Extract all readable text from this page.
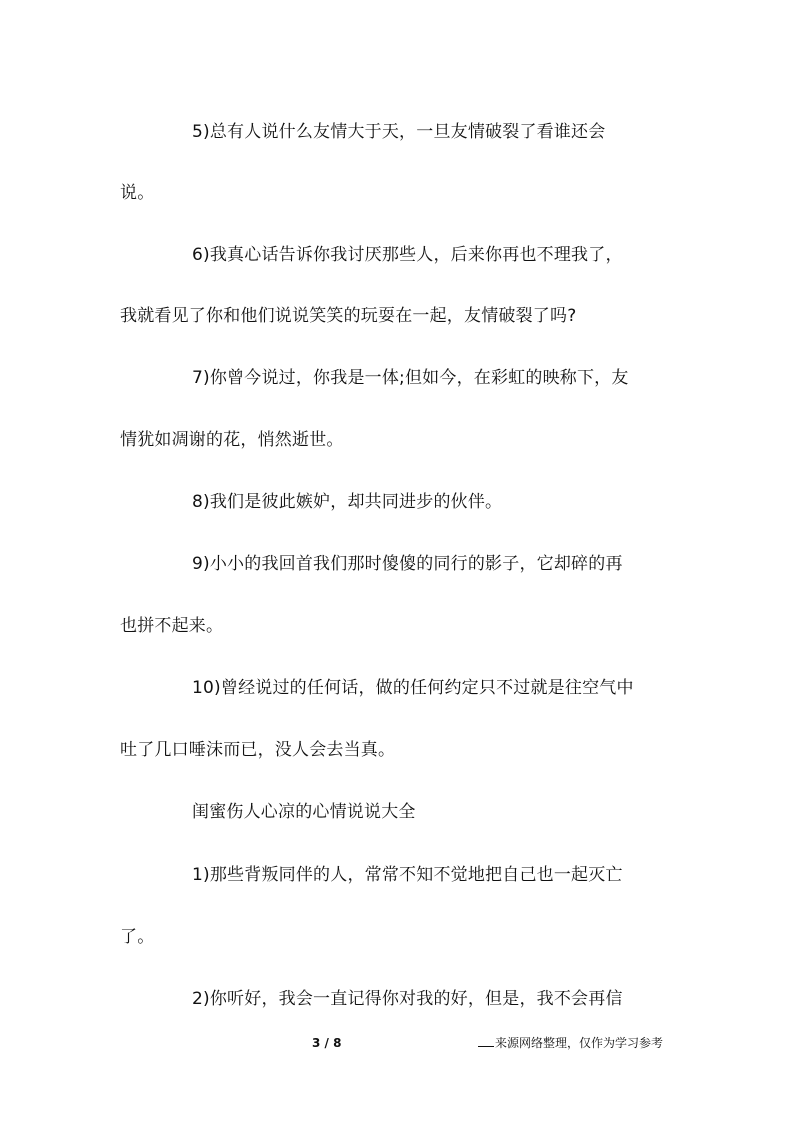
5)总有人说什么友情大于天，一旦友情破裂了看谁还会
说。
6)我真心话告诉你我讨厌那些人，后来你再也不理我了，
我就看见了你和他们说说笑笑的玩耍在一起，友情破裂了吗?
7)你曾今说过，你我是一体;但如今，在彩虹的映称下，友
情犹如凋谢的花，悄然逝世。
8)我们是彼此嫉妒，却共同进步的伙伴。
9)小小的我回首我们那时傻傻的同行的影子，它却碎的再
也拼不起来。
10)曾经说过的任何话，做的任何约定只不过就是往空气中
吐了几口唾沫而已，没人会去当真。
闺蜜伤人心凉的心情说说大全
1)那些背叛同伴的人，常常不知不觉地把自己也一起灭亡
了。
2)你听好，我会一直记得你对我的好，但是，我不会再信
3 / 8	来源网络整理，仅作为学习参考
